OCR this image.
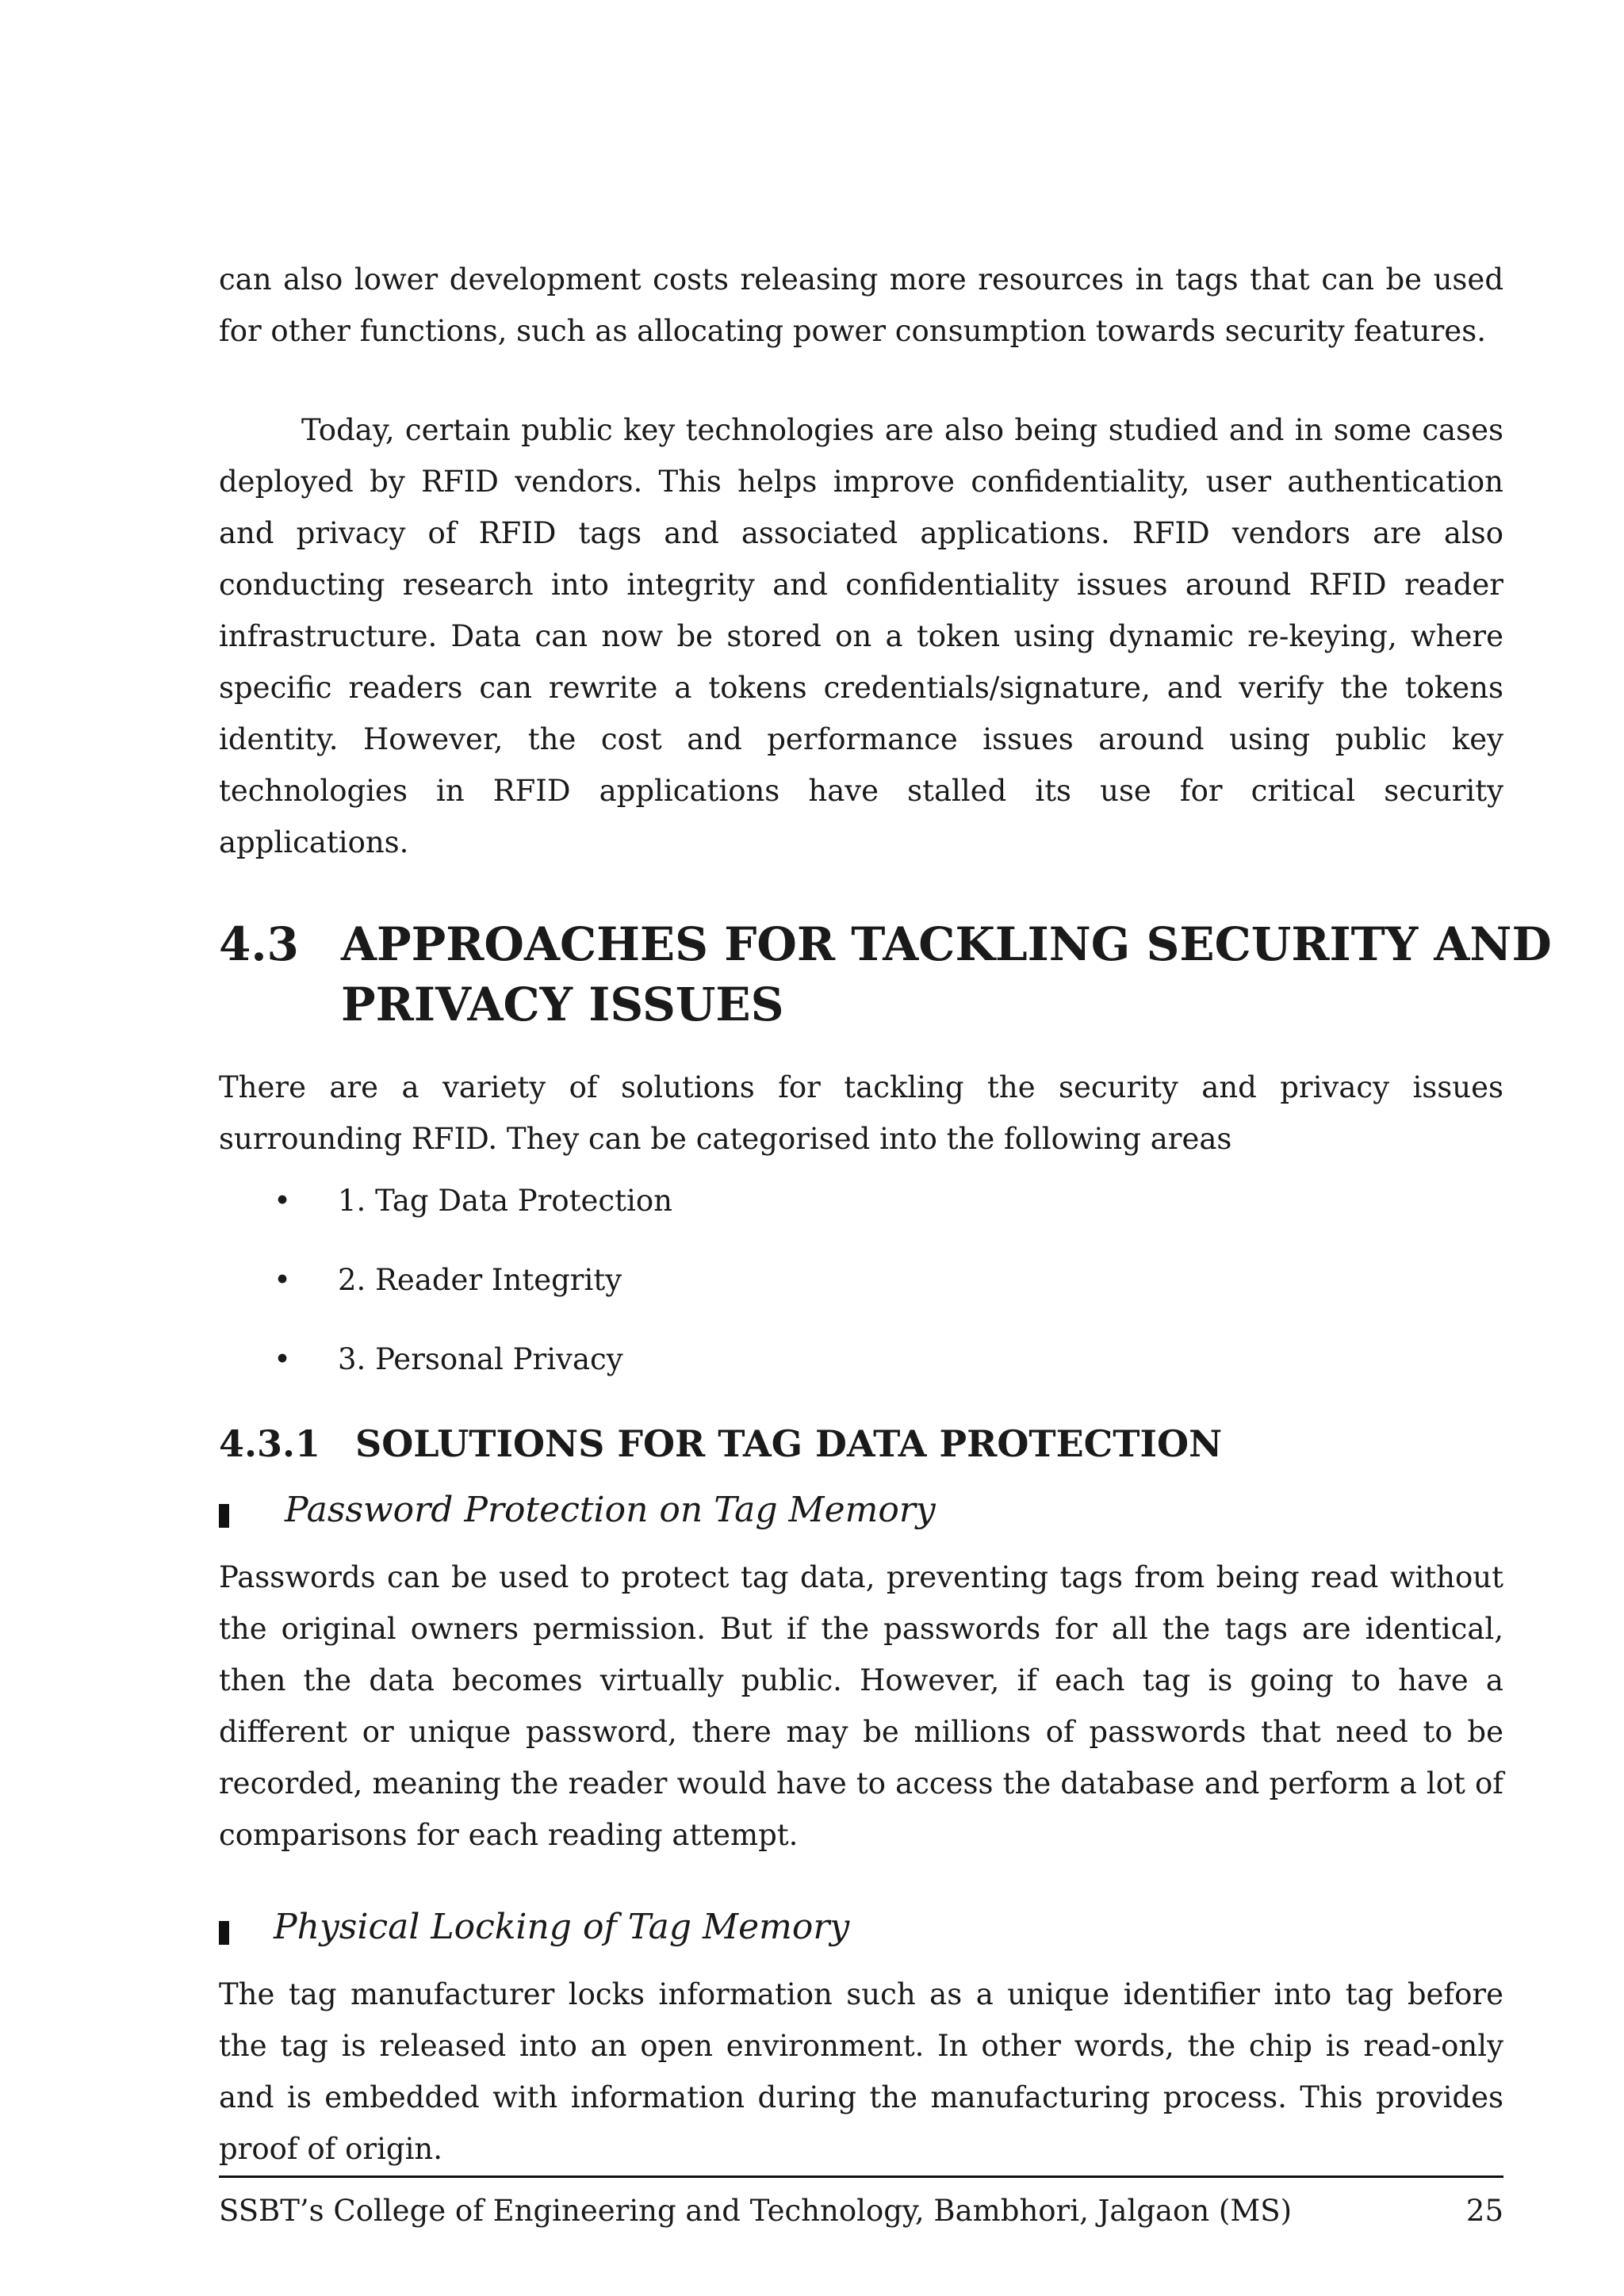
can also lower development costs releasing more resources in tags that can be used for other functions, such as allocating power consumption towards security features.

Today, certain public key technologies are also being studied and in some cases deployed by RFID vendors. This helps improve confidentiality, user authentication and privacy of RFID tags and associated applications. RFID vendors are also conducting research into integrity and confidentiality issues around RFID reader infrastructure. Data can now be stored on a token using dynamic re-keying, where specific readers can rewrite a tokens credentials/signature, and verify the tokens identity. However, the cost and performance issues around using public key technologies in RFID applications have stalled its use for critical security applications.

4.3 APPROACHES FOR TACKLING SECURITY AND
PRIVACY ISSUES

There are a variety of solutions for tackling the security and privacy issues surrounding RFID. They can be categorised into the following areas

• 1. Tag Data Protection
• 2. Reader Integrity
• 3. Personal Privacy
4.3.1 SOLUTIONS FOR TAG DATA PROTECTION
Password Protection on Tag Memory

Passwords can be used to protect tag data, preventing tags from being read without the original owners permission. But if the passwords for all the tags are identical, then the data becomes virtually public. However, if each tag is going to have a different or unique password, there may be millions of passwords that need to be recorded, meaning the reader would have to access the database and perform a lot of comparisons for each reading attempt.

Physical Locking of Tag Memory

The tag manufacturer locks information such as a unique identifier into tag before the tag is released into an open environment. In other words, the chip is read-only and is embedded with information during the manufacturing process. This provides proof of origin.

SSBT’s College of Engineering and Technology, Bambhori, Jalgaon (MS)	25
